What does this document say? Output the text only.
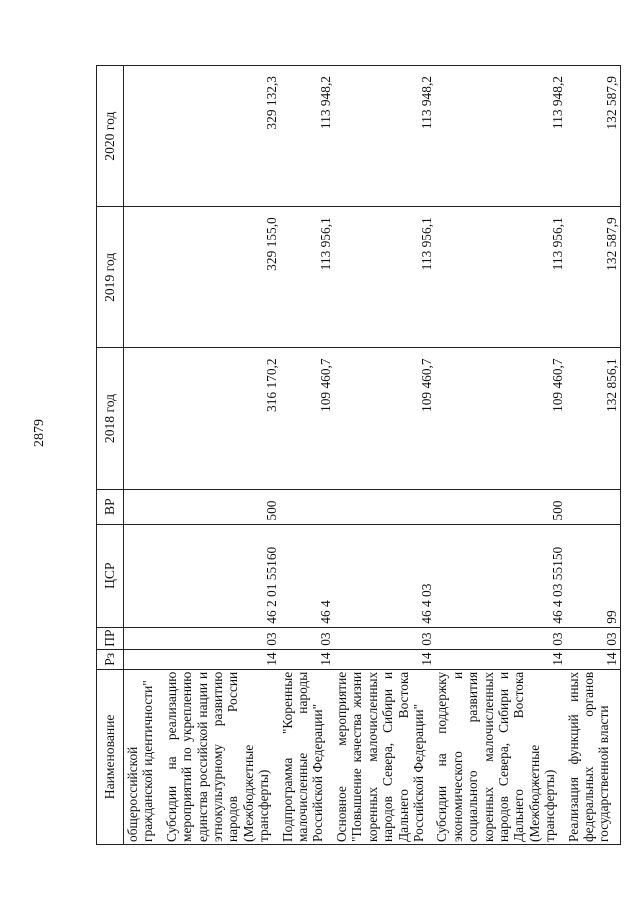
2879
Наименование	Рз	ПР	ЦСР	ВР	2018 год	2019 год	2020 год
общероссийской гражданской идентичности"							
Субсидии на реализацию мероприятий по укреплению единства российской нации и этнокультурному развитию народов России (Межбюджетные трансферты)	14	03	46 2 01 55160	500	316 170,2	329 155,0	329 132,3
Подпрограмма "Коренные малочисленные народы Российской Федерации"	14	03	46 4		109 460,7	113 956,1	113 948,2
Основное мероприятие "Повышение качества жизни коренных малочисленных народов Севера, Сибири и Дальнего Востока Российской Федерации"	14	03	46 4 03		109 460,7	113 956,1	113 948,2
Субсидии на поддержку экономического и социального развития коренных малочисленных народов Севера, Сибири и Дальнего Востока (Межбюджетные трансферты)	14	03	46 4 03 55150	500	109 460,7	113 956,1	113 948,2
Реализация функций иных федеральных органов государственной власти	14	03	99		132 856,1	132 587,9	132 587,9
